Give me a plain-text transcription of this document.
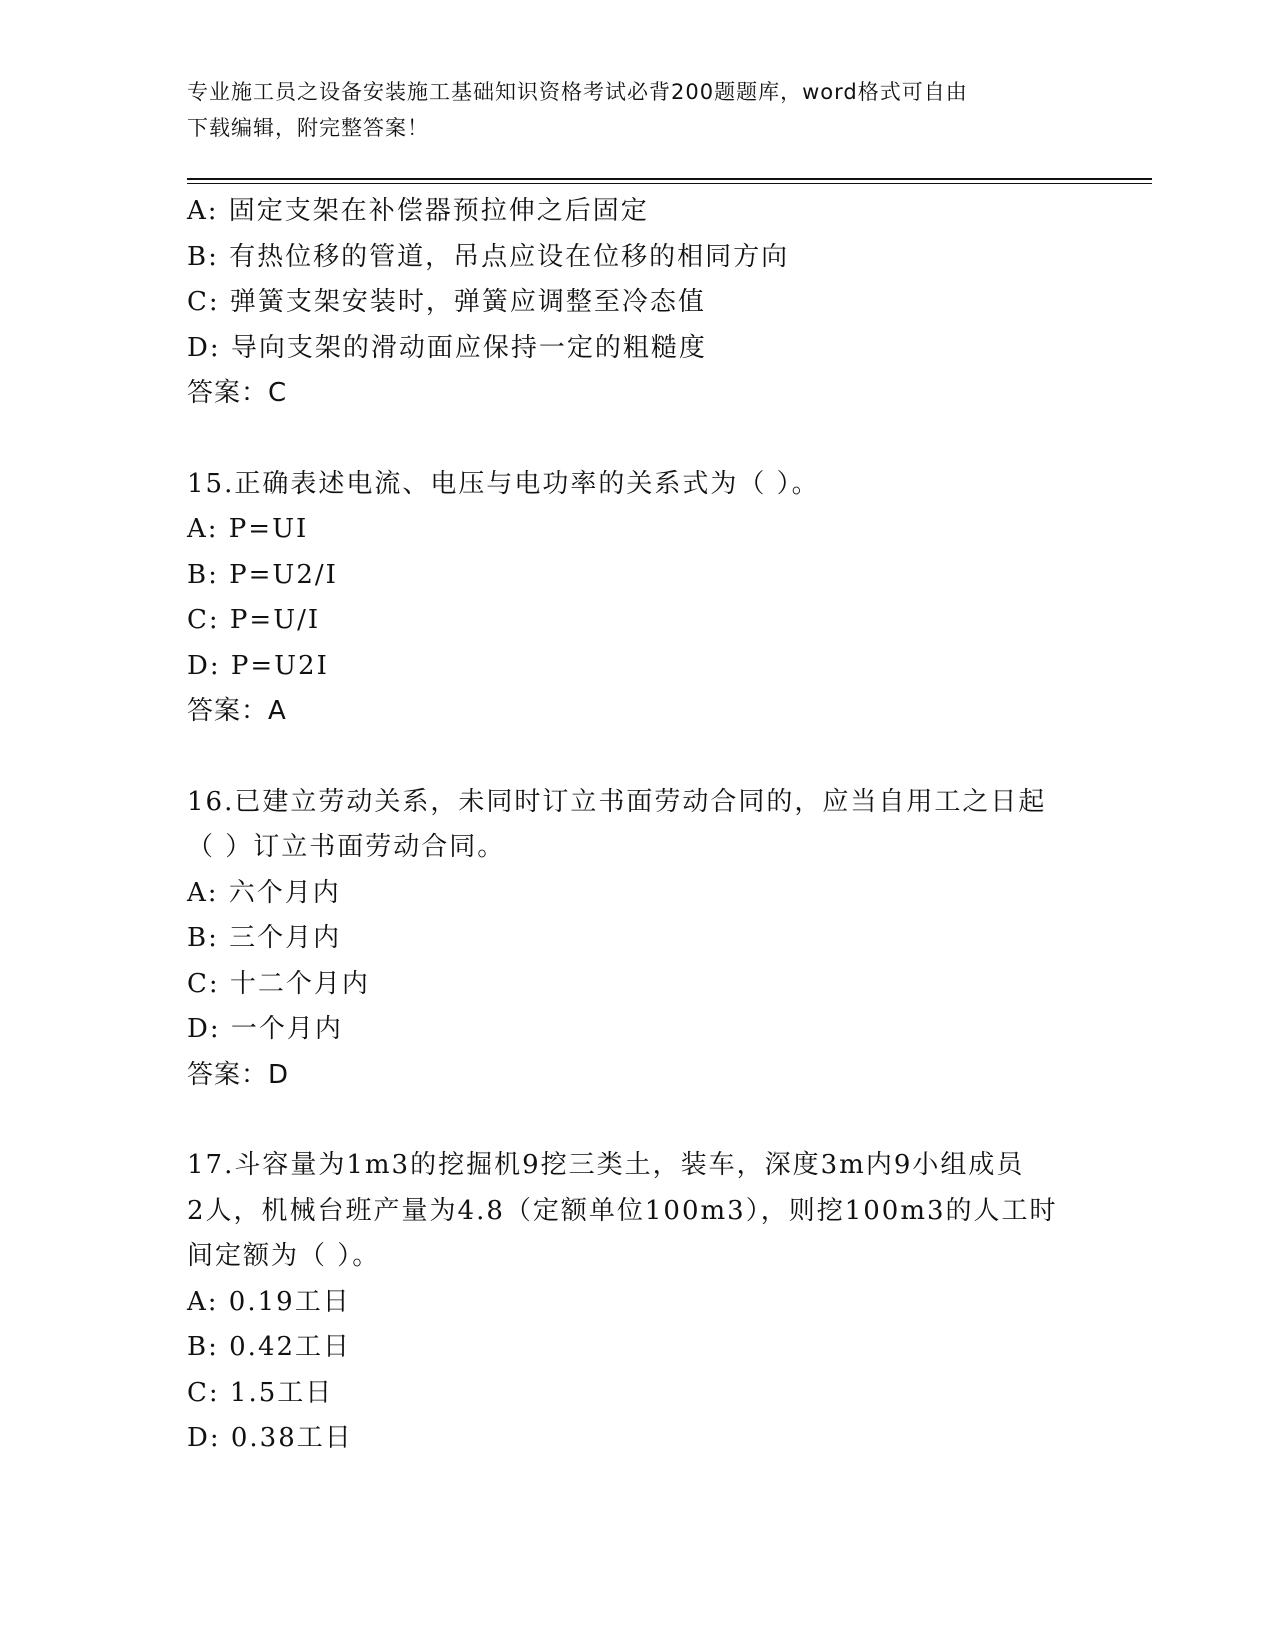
专业施工员之设备安装施工基础知识资格考试必背200题题库，word格式可自由
下载编辑，附完整答案！
A: 固定支架在补偿器预拉伸之后固定
B: 有热位移的管道，吊点应设在位移的相同方向
C: 弹簧支架安装时，弹簧应调整至冷态值
D: 导向支架的滑动面应保持一定的粗糙度
答案：C
15.正确表述电流、电压与电功率的关系式为（ ）。
A: P=UI
B: P=U2/I
C: P=U/I
D: P=U2I
答案：A
16.已建立劳动关系，未同时订立书面劳动合同的，应当自用工之日起
（ ）订立书面劳动合同。
A: 六个月内
B: 三个月内
C: 十二个月内
D: 一个月内
答案：D
17.斗容量为1m3的挖掘机9挖三类土，装车，深度3m内9小组成员
2人，机械台班产量为4.8（定额单位100m3），则挖100m3的人工时
间定额为（ ）。
A: 0.19工日
B: 0.42工日
C: 1.5工日
D: 0.38工日
